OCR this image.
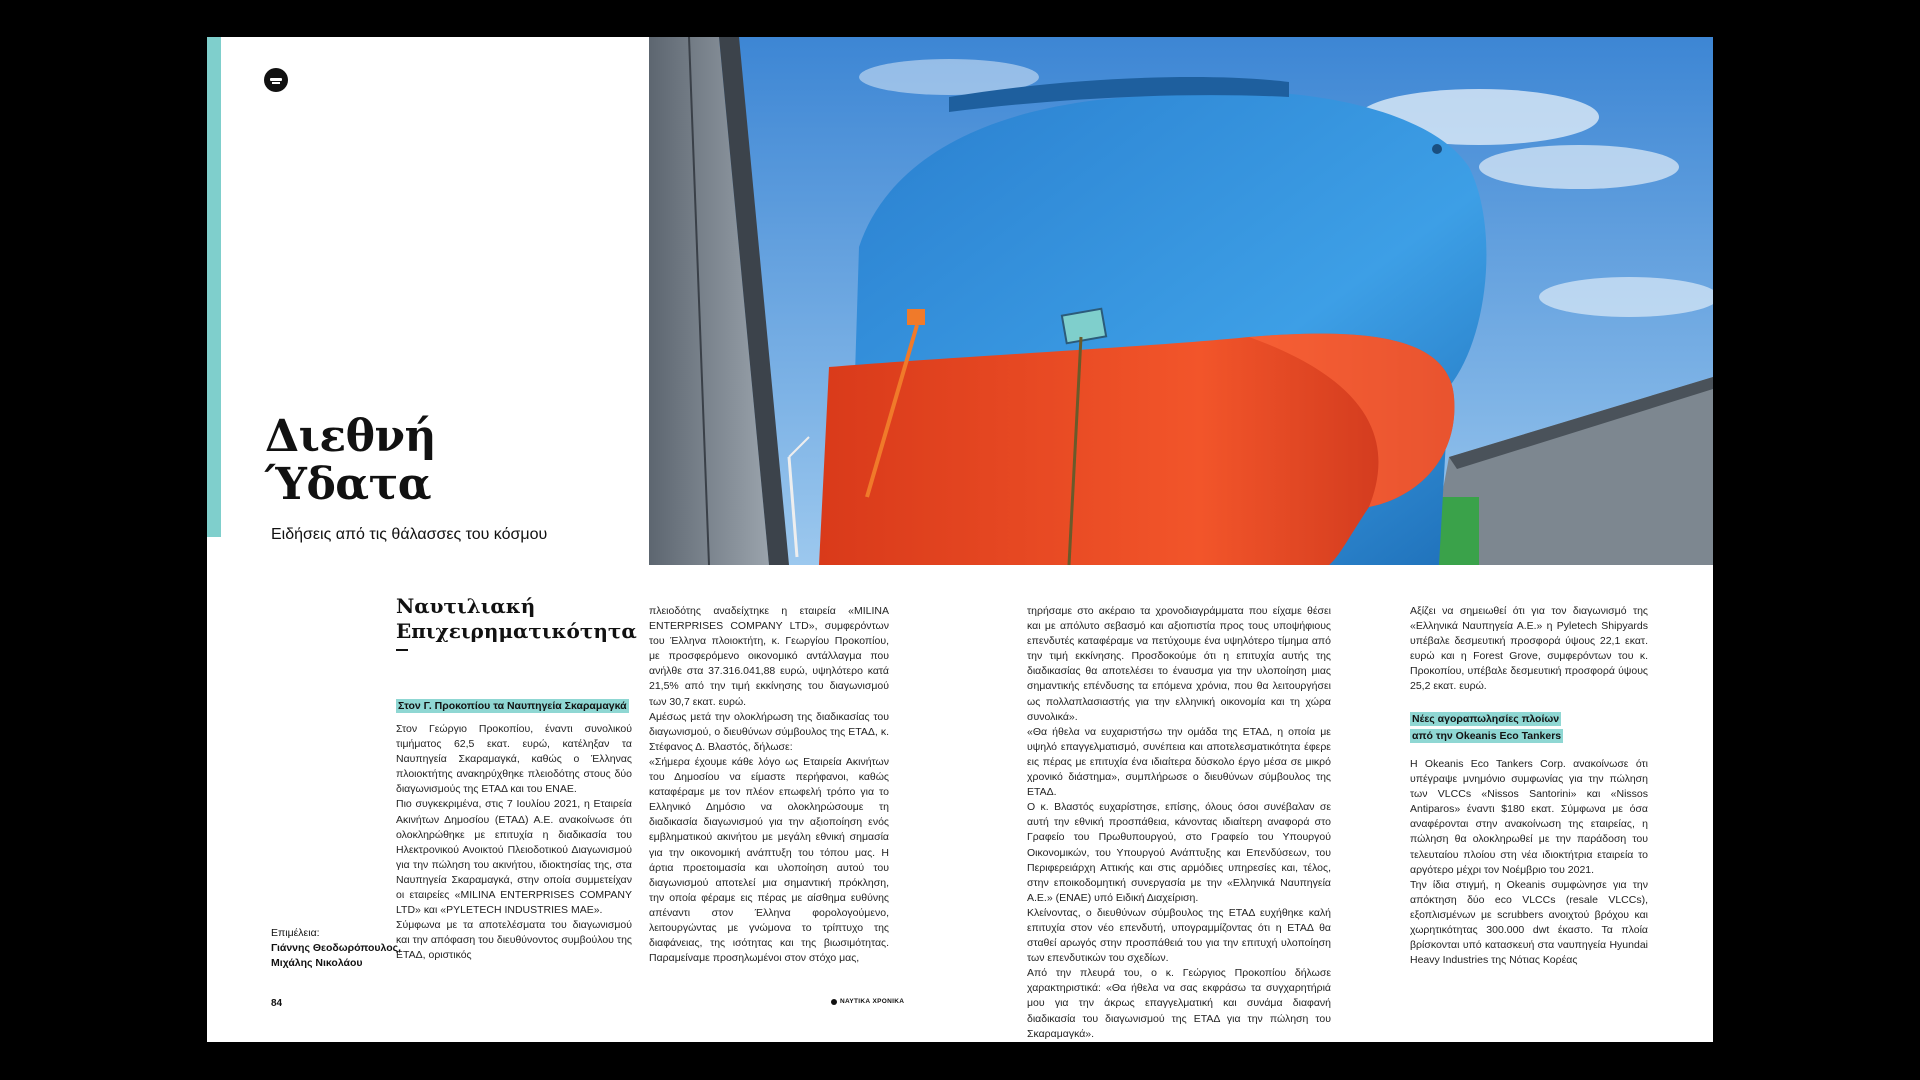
Διεθνή
Ύδατα
Ειδήσεις από τις θάλασσες του κόσμου
Ναυτιλιακή
Επιχειρηματικότητα
Στον Γ. Προκοπίου τα Ναυπηγεία Σκαραμαγκά

Στον Γεώργιο Προκοπίου, έναντι συνολικού τιμήματος 62,5 εκατ. ευρώ, κατέληξαν τα Ναυπηγεία Σκαραμαγκά, καθώς ο Έλληνας πλοιοκτήτης ανακηρύχθηκε πλειοδότης στους δύο διαγωνισμούς της ΕΤΑΔ και του ΕΝΑΕ.

Πιο συγκεκριμένα, στις 7 Ιουλίου 2021, η Εταιρεία Ακινήτων Δημοσίου (ΕΤΑΔ) Α.Ε. ανακοίνωσε ότι ολοκληρώθηκε με επιτυχία η διαδικασία του Ηλεκτρονικού Ανοικτού Πλειοδοτικού Διαγωνισμού για την πώληση του ακινήτου, ιδιοκτησίας της, στα Ναυπηγεία Σκαραμαγκά, στην οποία συμμετείχαν οι εταιρείες «MILINA ENTERPRISES COMPANY LTD» και «PYLETECH INDUSTRIES MAE».

Σύμφωνα με τα αποτελέσματα του διαγωνισμού και την απόφαση του διευθύνοντος συμβούλου της ΕΤΑΔ, οριστικός

πλειοδότης αναδείχτηκε η εταιρεία «MILINA ENTERPRISES COMPANY LTD», συμφερόντων του Έλληνα πλοιοκτήτη, κ. Γεωργίου Προκοπίου, με προσφερόμενο οικονομικό αντάλλαγμα που ανήλθε στα 37.316.041,88 ευρώ, υψηλότερο κατά 21,5% από την τιμή εκκίνησης του διαγωνισμού των 30,7 εκατ. ευρώ.

Αμέσως μετά την ολοκλήρωση της διαδικασίας του διαγωνισμού, ο διευθύνων σύμβουλος της ΕΤΑΔ, κ. Στέφανος Δ. Βλαστός, δήλωσε:

«Σήμερα έχουμε κάθε λόγο ως Εταιρεία Ακινήτων του Δημοσίου να είμαστε περήφανοι, καθώς καταφέραμε με τον πλέον επωφελή τρόπο για το Ελληνικό Δημόσιο να ολοκληρώσουμε τη διαδικασία διαγωνισμού για την αξιοποίηση ενός εμβληματικού ακινήτου με μεγάλη εθνική σημασία για την οικονομική ανάπτυξη του τόπου μας. Η άρτια προετοιμασία και υλοποίηση αυτού του διαγωνισμού αποτελεί μια σημαντική πρόκληση, την οποία φέραμε εις πέρας με αίσθημα ευθύνης απέναντι στον Έλληνα φορολογούμενο, λειτουργώντας με γνώμονα το τρίπτυχο της διαφάνειας, της ισότητας και της βιωσιμότητας. Παραμείναμε προσηλωμένοι στον στόχο μας,

τηρήσαμε στο ακέραιο τα χρονοδιαγράμματα που είχαμε θέσει και με απόλυτο σεβασμό και αξιοπιστία προς τους υποψήφιους επενδυτές καταφέραμε να πετύχουμε ένα υψηλότερο τίμημα από την τιμή εκκίνησης. Προσδοκούμε ότι η επιτυχία αυτής της διαδικασίας θα αποτελέσει το έναυσμα για την υλοποίηση μιας σημαντικής επένδυσης τα επόμενα χρόνια, που θα λειτουργήσει ως πολλαπλασιαστής για την ελληνική οικονομία και τη χώρα συνολικά».

«Θα ήθελα να ευχαριστήσω την ομάδα της ΕΤΑΔ, η οποία με υψηλό επαγγελματισμό, συνέπεια και αποτελεσματικότητα έφερε εις πέρας με επιτυχία ένα ιδιαίτερα δύσκολο έργο μέσα σε μικρό χρονικό διάστημα», συμπλήρωσε ο διευθύνων σύμβουλος της ΕΤΑΔ.

Ο κ. Βλαστός ευχαρίστησε, επίσης, όλους όσοι συνέβαλαν σε αυτή την εθνική προσπάθεια, κάνοντας ιδιαίτερη αναφορά στο Γραφείο του Πρωθυπουργού, στο Γραφείο του Υπουργού Οικονομικών, του Υπουργού Ανάπτυξης και Επενδύσεων, του Περιφερειάρχη Αττικής και στις αρμόδιες υπηρεσίες και, τέλος, στην εποικοδομητική συνεργασία με την «Ελληνικά Ναυπηγεία Α.Ε.» (ΕΝΑΕ) υπό Ειδική Διαχείριση.

Κλείνοντας, ο διευθύνων σύμβουλος της ΕΤΑΔ ευχήθηκε καλή επιτυχία στον νέο επενδυτή, υπογραμμίζοντας ότι η ΕΤΑΔ θα σταθεί αρωγός στην προσπάθειά του για την επιτυχή υλοποίηση των επενδυτικών του σχεδίων.

Από την πλευρά του, ο κ. Γεώργιος Προκοπίου δήλωσε χαρακτηριστικά: «Θα ήθελα να σας εκφράσω τα συγχαρητήριά μου για την άκρως επαγγελματική και συνάμα διαφανή διαδικασία του διαγωνισμού της ΕΤΑΔ για την πώληση του Σκαραμαγκά».

Αξίζει να σημειωθεί ότι για τον διαγωνισμό της «Ελληνικά Ναυπηγεία Α.Ε.» η Pyletech Shipyards υπέβαλε δεσμευτική προσφορά ύψους 22,1 εκατ. ευρώ και η Forest Grove, συμφερόντων του κ. Προκοπίου, υπέβαλε δεσμευτική προσφορά ύψους 25,2 εκατ. ευρώ.

Νέες αγοραπωλησίες πλοίων
από την Okeanis Eco Tankers

Η Okeanis Eco Tankers Corp. ανακοίνωσε ότι υπέγραψε μνημόνιο συμφωνίας για την πώληση των VLCCs «Nissos Santorini» και «Nissos Antiparos» έναντι $180 εκατ. Σύμφωνα με όσα αναφέρονται στην ανακοίνωση της εταιρείας, η πώληση θα ολοκληρωθεί με την παράδοση του τελευταίου πλοίου στη νέα ιδιοκτήτρια εταιρεία το αργότερο μέχρι τον Νοέμβριο του 2021.

Την ίδια στιγμή, η Okeanis συμφώνησε για την απόκτηση δύο eco VLCCs (resale VLCCs), εξοπλισμένων με scrubbers ανοιχτού βρόχου και χωρητικότητας 300.000 dwt έκαστο. Τα πλοία βρίσκονται υπό κατασκευή στα ναυπηγεία Hyundai Heavy Industries της Νότιας Κορέας

Επιμέλεια:
Γιάννης Θεοδωρόπουλος,
Μιχάλης Νικολάου
84	ΝΑΥΤΙΚΑ ΧΡΟΝΙΚΑ
